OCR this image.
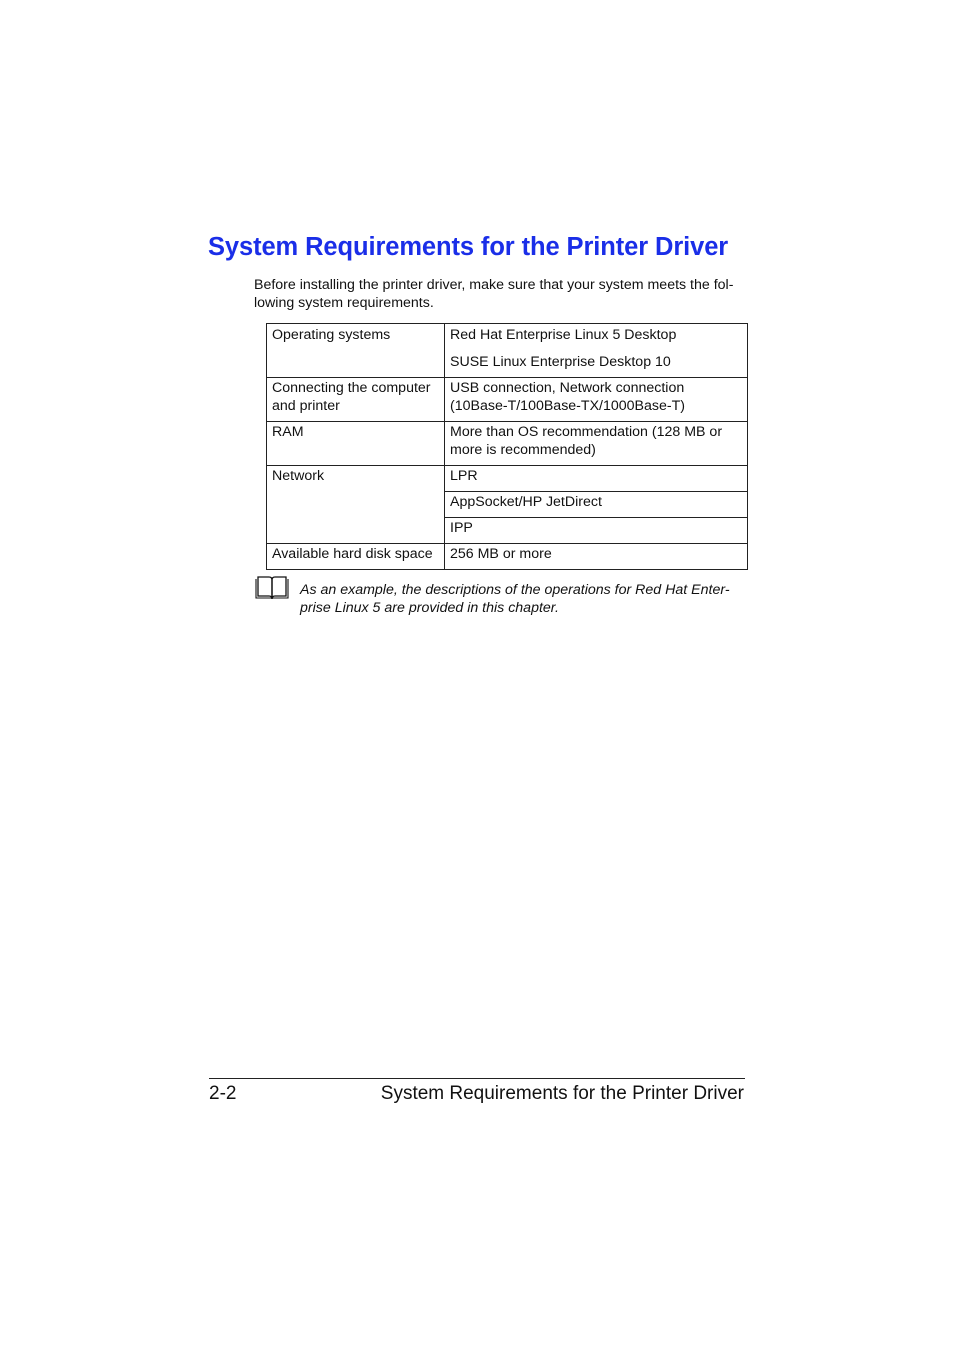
System Requirements for the Printer Driver
Before installing the printer driver, make sure that your system meets the fol-
lowing system requirements.
Operating systems	Red Hat Enterprise Linux 5 Desktop
SUSE Linux Enterprise Desktop 10

Connecting the computer
and printer	USB connection, Network connection
(10Base-T/100Base-TX/1000Base-T)

RAM	More than OS recommendation (128 MB or
more is recommended)

Network	LPR
	AppSocket/HP JetDirect
	IPP
Available hard disk space	256 MB or more
As an example, the descriptions of the operations for Red Hat Enter-
prise Linux 5 are provided in this chapter.
2-2	System Requirements for the Printer Driver
